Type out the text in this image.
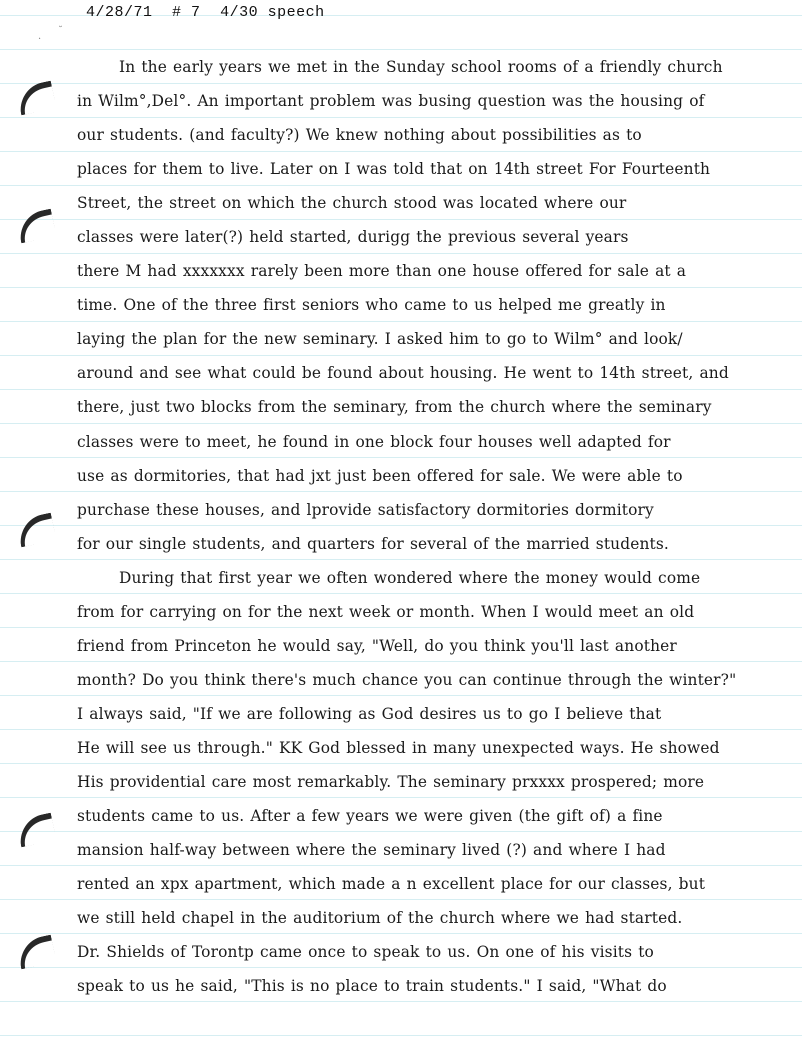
4/28/71 # 7 4/30 speech
·
˘
In the early years we met in the Sunday school rooms of a friendly church
in Wilm°,Del°. An important problem was busing question was the housing of
our students. (and faculty?) We knew nothing about possibilities as to
places for them to live. Later on I was told that on 14th street For Fourteenth
Street, the street on which the church stood was located where our
classes were later(?) held started, durigg the previous several years
there M had xxxxxxx rarely been more than one house offered for sale at a
time. One of the three first seniors who came to us helped me greatly in
laying the plan for the new seminary. I asked him to go to Wilm° and look/
around and see what could be found about housing. He went to 14th street, and
there, just two blocks from the seminary, from the church where the seminary
classes were to meet, he found in one block four houses well adapted for
use as dormitories, that had jxt just been offered for sale. We were able to
purchase these houses, and lprovide satisfactory dormitories dormitory
for our single students, and quarters for several of the married students.
During that first year we often wondered where the money would come
from for carrying on for the next week or month. When I would meet an old
friend from Princeton he would say, "Well, do you think you'll last another
month? Do you think there's much chance you can continue through the winter?"
I always said, "If we are following as God desires us to go I believe that
He will see us through." KK God blessed in many unexpected ways. He showed
His providential care most remarkably. The seminary prxxxx prospered; more
students came to us. After a few years we were given (the gift of) a fine
mansion half-way between where the seminary lived (?) and where I had
rented an xpx apartment, which made a n excellent place for our classes, but
we still held chapel in the auditorium of the church where we had started.
Dr. Shields of Torontp came once to speak to us. On one of his visits to
speak to us he said, "This is no place to train students." I said, "What do
